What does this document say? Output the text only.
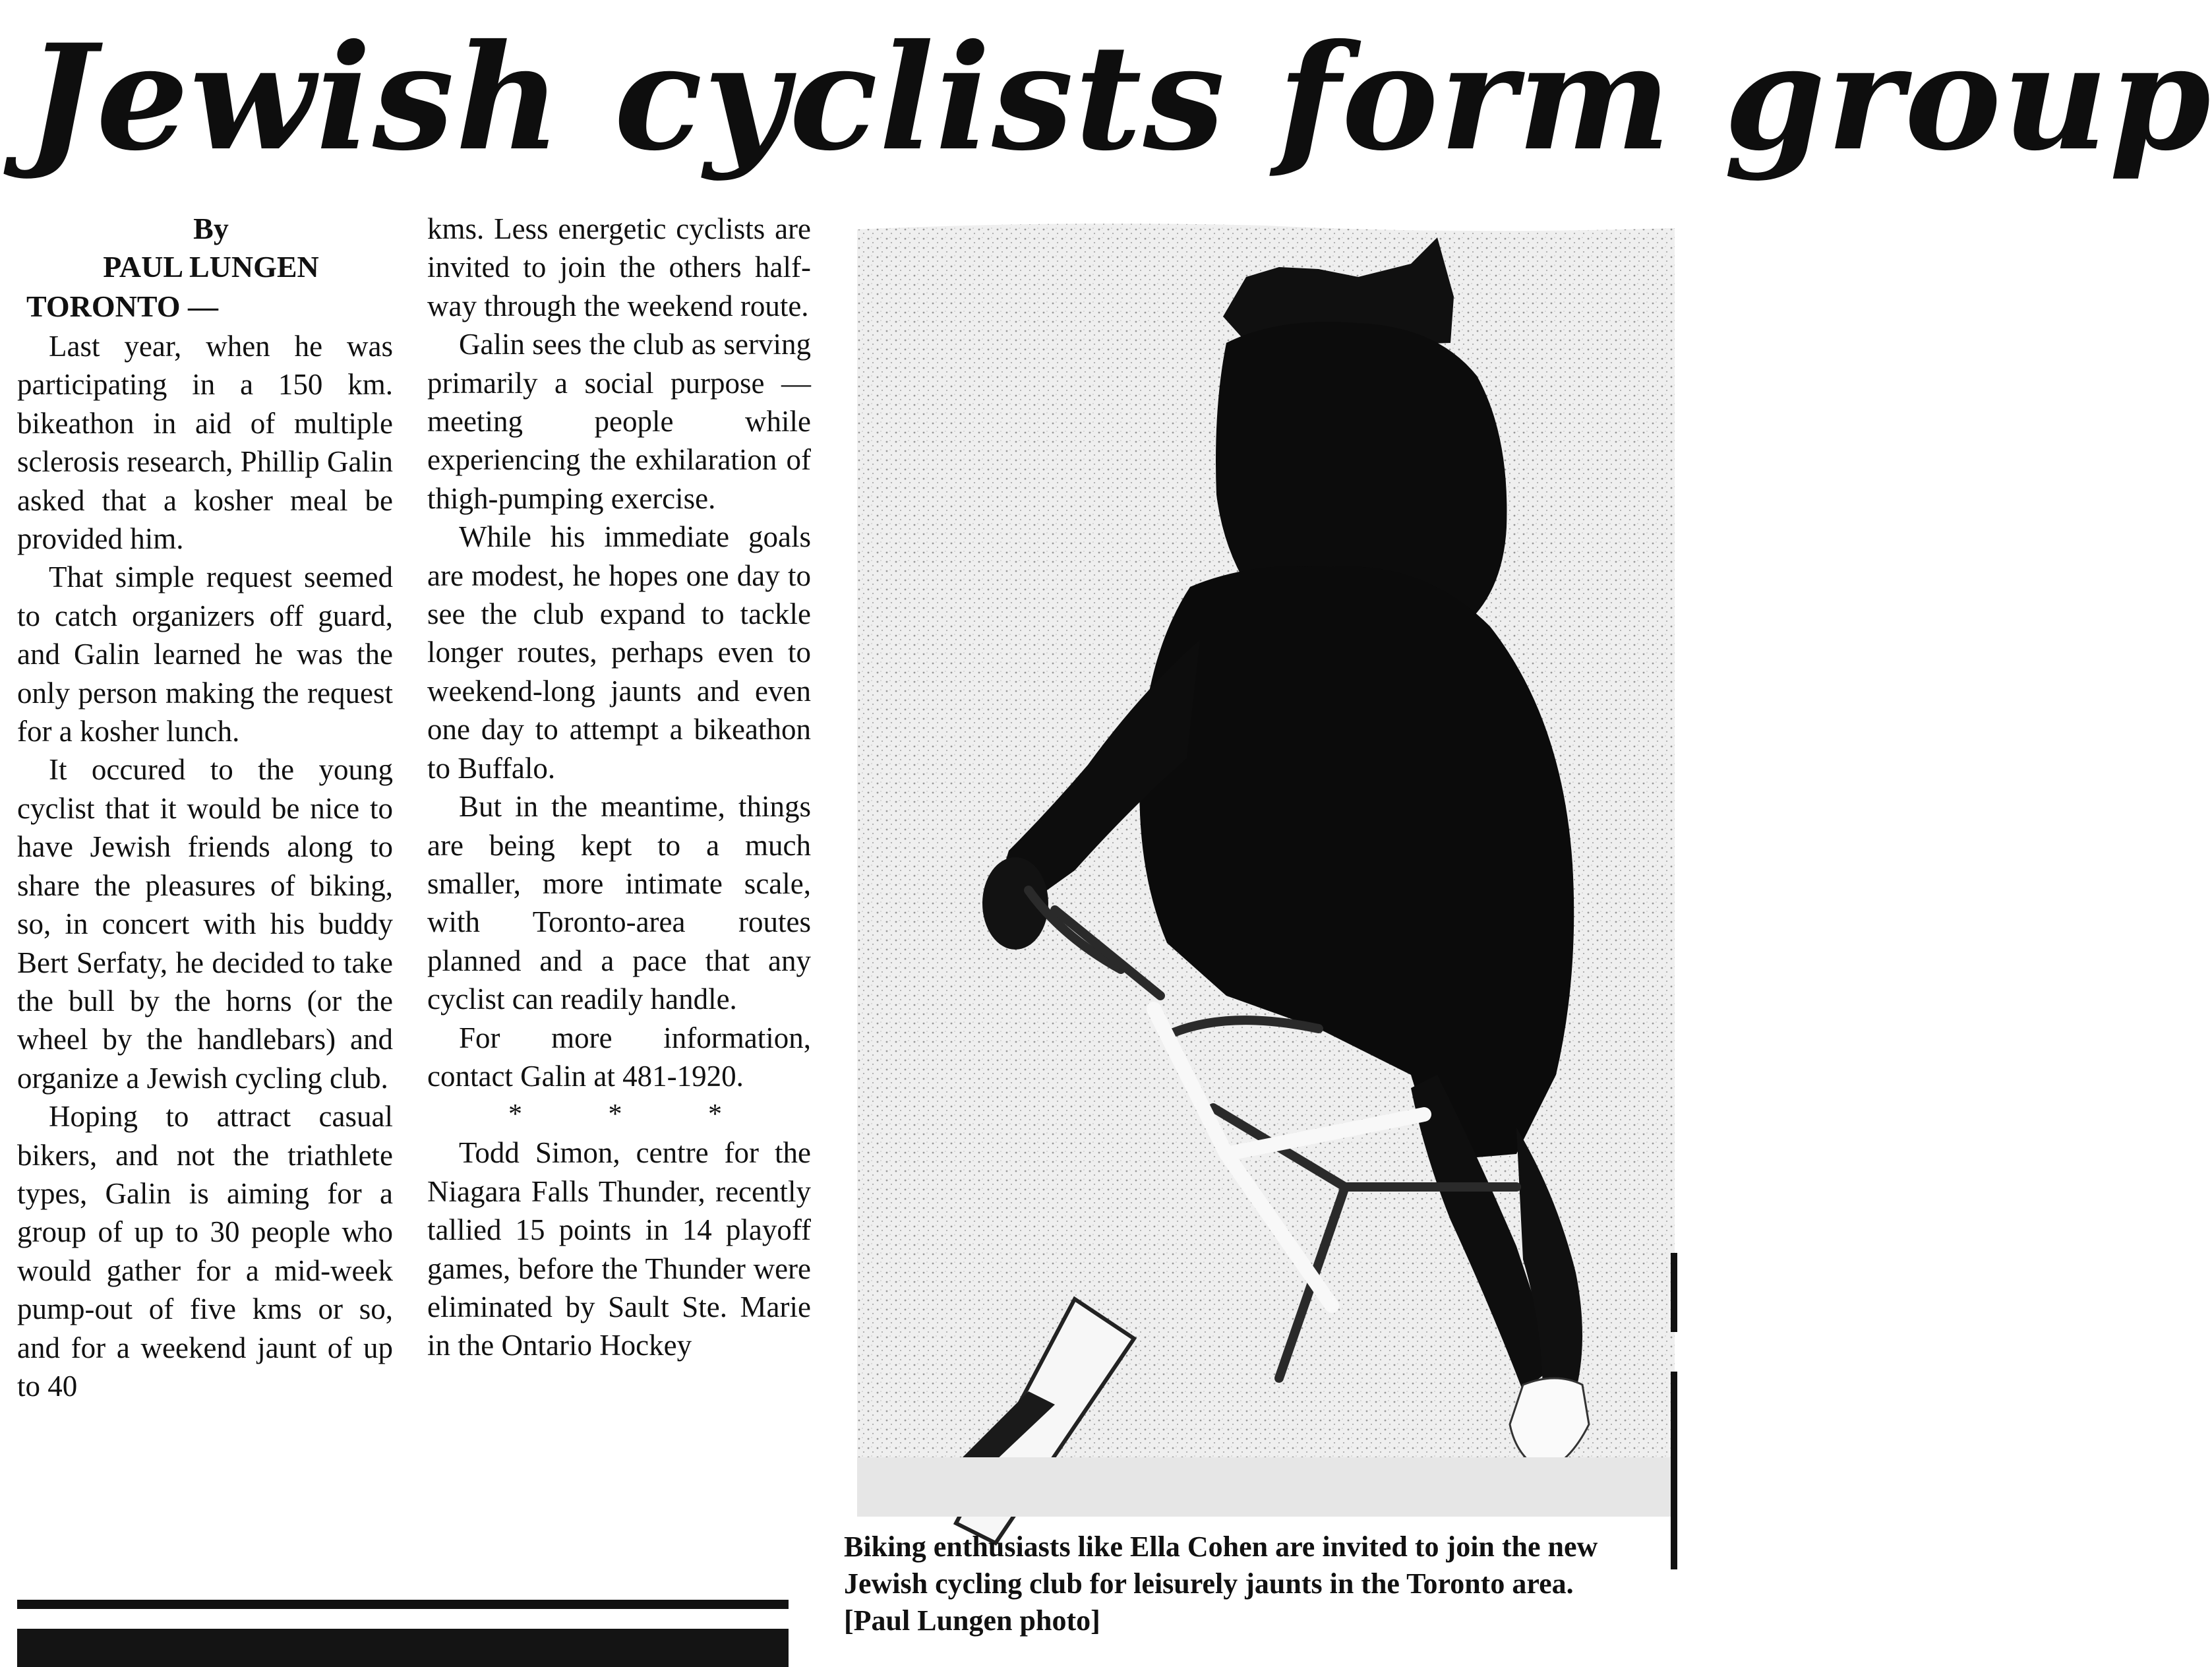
Jewish cyclists form group
By
PAUL LUNGEN
TORONTO —

Last year, when he was participating in a 150 km. bikeathon in aid of multiple sclerosis research, Phillip Galin asked that a kosher meal be provided him.

That simple request seemed to catch organizers off guard, and Galin learned he was the only person making the request for a kosher lunch.

It occured to the young cyclist that it would be nice to have Jewish friends along to share the pleasures of biking, so, in concert with his buddy Bert Serfaty, he decided to take the bull by the horns (or the wheel by the handlebars) and organize a Jewish cycling club.

Hoping to attract casual bikers, and not the triathlete types, Galin is aiming for a group of up to 30 people who would gather for a mid-week pump-out of five kms or so, and for a weekend jaunt of up to 40

kms. Less energetic cyclists are invited to join the others half-way through the weekend route.

Galin sees the club as serving primarily a social purpose — meeting people while experiencing the exhilaration of thigh-pumping exercise.

While his immediate goals are modest, he hopes one day to see the club expand to tackle longer routes, perhaps even to weekend-long jaunts and even one day to attempt a bikeathon to Buffalo.

But in the meantime, things are being kept to a much smaller, more intimate scale, with Toronto-area routes planned and a pace that any cyclist can readily handle.

For more information, contact Galin at 481-1920.

* * *

Todd Simon, centre for the Niagara Falls Thunder, recently tallied 15 points in 14 playoff games, before the Thunder were eliminated by Sault Ste. Marie in the Ontario Hockey

Biking enthusiasts like Ella Cohen are invited to join the new Jewish cycling club for leisurely jaunts in the Toronto area. [Paul Lungen photo]
